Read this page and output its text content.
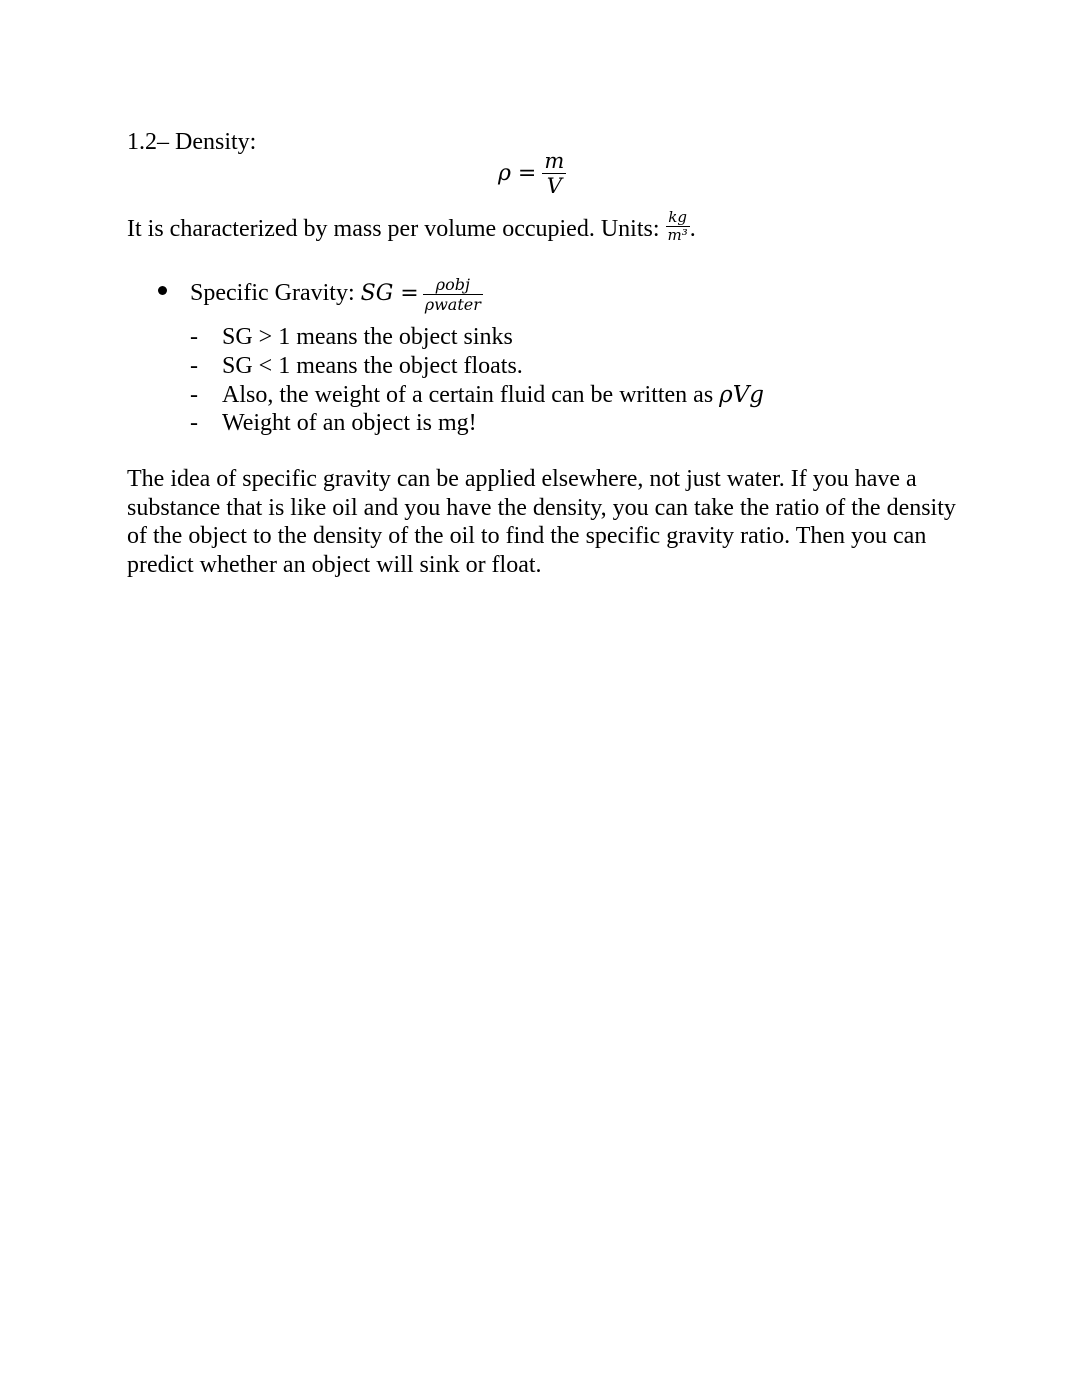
1.2– Density:
$\rho = \frac{m}{V}$
It is characterized by mass per volume occupied. Units: $\frac{kg}{\text{m³}}$ .
Specific Gravity: SG = $\frac{\text{ρobj}}{\text{ρwater}}$
- SG > 1 means the object sinks
- SG < 1 means the object floats.
- Also, the weight of a certain fluid can be written as ρVg
- Weight of an object is mg!
The idea of specific gravity can be applied elsewhere, not just water. If you have a substance that is like oil and you have the density, you can take the ratio of the density of the object to the density of the oil to find the specific gravity ratio. Then you can predict whether an object will sink or float.
